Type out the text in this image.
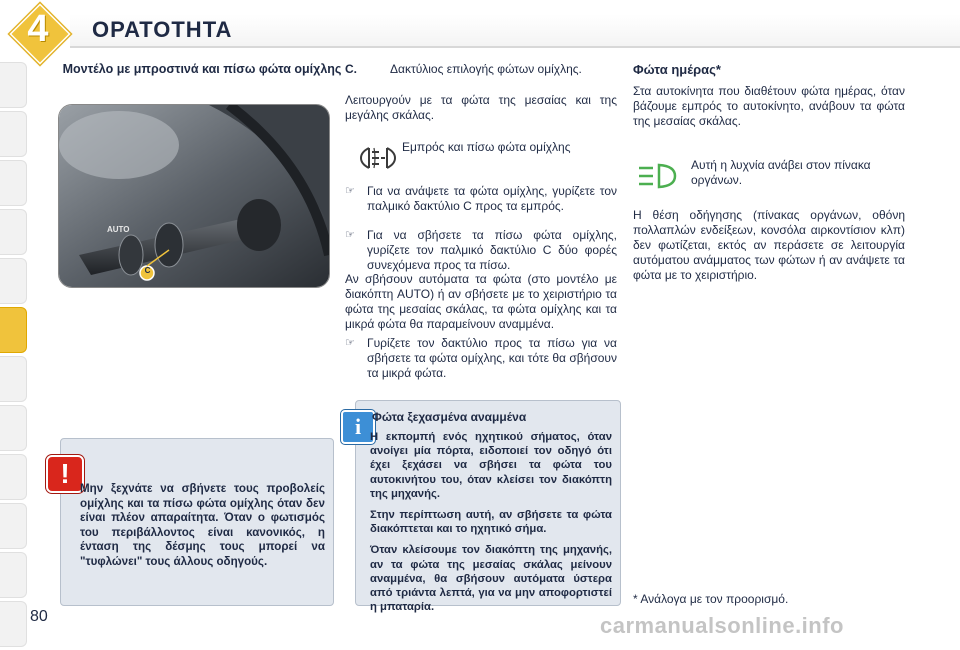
4 ΟΡΑΤΟΤΗΤΑ
Μοντέλο με μπροστινά και πίσω φώτα ομίχλης
AUTO
C
! Μην ξεχνάτε να σβήνετε τους προβολείς ομίχλης και τα πίσω φώτα ομίχλης όταν δεν είναι πλέον απαραίτητα. Όταν ο φωτισμός του περιβάλλοντος είναι κανονικός, η ένταση της δέσμης τους μπορεί να "τυφλώνει" τους άλλους οδηγούς.
C.	Δακτύλιος επιλογής φώτων ομίχλης.
Λειτουργούν με τα φώτα της μεσαίας και της μεγάλης σκάλας.
Εμπρός και πίσω φώτα ομίχλης
☞	Για να ανάψετε τα φώτα ομίχλης, γυρίζετε τον παλμικό δακτύλιο C προς τα εμπρός.
☞	Για να σβήσετε τα πίσω φώτα ομίχλης, γυρίζετε τον παλμικό δακτύλιο C δύο φορές συνεχόμενα προς τα πίσω.
Αν σβήσουν αυτόματα τα φώτα (στο μοντέλο με διακόπτη AUTO) ή αν σβήσετε με το χειριστήριο τα φώτα της μεσαίας σκάλας, τα φώτα ομίχλης και τα μικρά φώτα θα παραμείνουν αναμμένα.
☞	Γυρίζετε τον δακτύλιο προς τα πίσω για να σβήσετε τα φώτα ομίχλης, και τότε θα σβήσουν τα μικρά φώτα.
i Φώτα ξεχασμένα αναμμένα

Η εκπομπή ενός ηχητικού σήματος, όταν ανοίγει μία πόρτα, ειδοποιεί τον οδηγό ότι έχει ξεχάσει να σβήσει τα φώτα του αυτοκινήτου του, όταν κλείσει τον διακόπτη της μηχανής.

Στην περίπτωση αυτή, αν σβήσετε τα φώτα διακόπτεται και το ηχητικό σήμα.

Όταν κλείσουμε τον διακόπτη της μηχανής, αν τα φώτα της μεσαίας σκάλας μείνουν αναμμένα, θα σβήσουν αυτόματα ύστερα από τριάντα λεπτά, για να μην αποφορτιστεί η μπαταρία.

Φώτα ημέρας*
Στα αυτοκίνητα που διαθέτουν φώτα ημέρας, όταν βάζουμε εμπρός το αυτοκίνητο, ανάβουν τα φώτα της μεσαίας σκάλας.
Αυτή η λυχνία ανάβει στον πίνακα οργάνων.
Η θέση οδήγησης (πίνακας οργάνων, οθόνη πολλαπλών ενδείξεων, κονσόλα αιρκοντίσιον κλπ) δεν φωτίζεται, εκτός αν περάσετε σε λειτουργία αυτόματου ανάμματος των φώτων ή αν ανάψετε τα φώτα με το χειριστήριο.
* Ανάλογα με τον προορισμό.
80	carmanualsonline.info
